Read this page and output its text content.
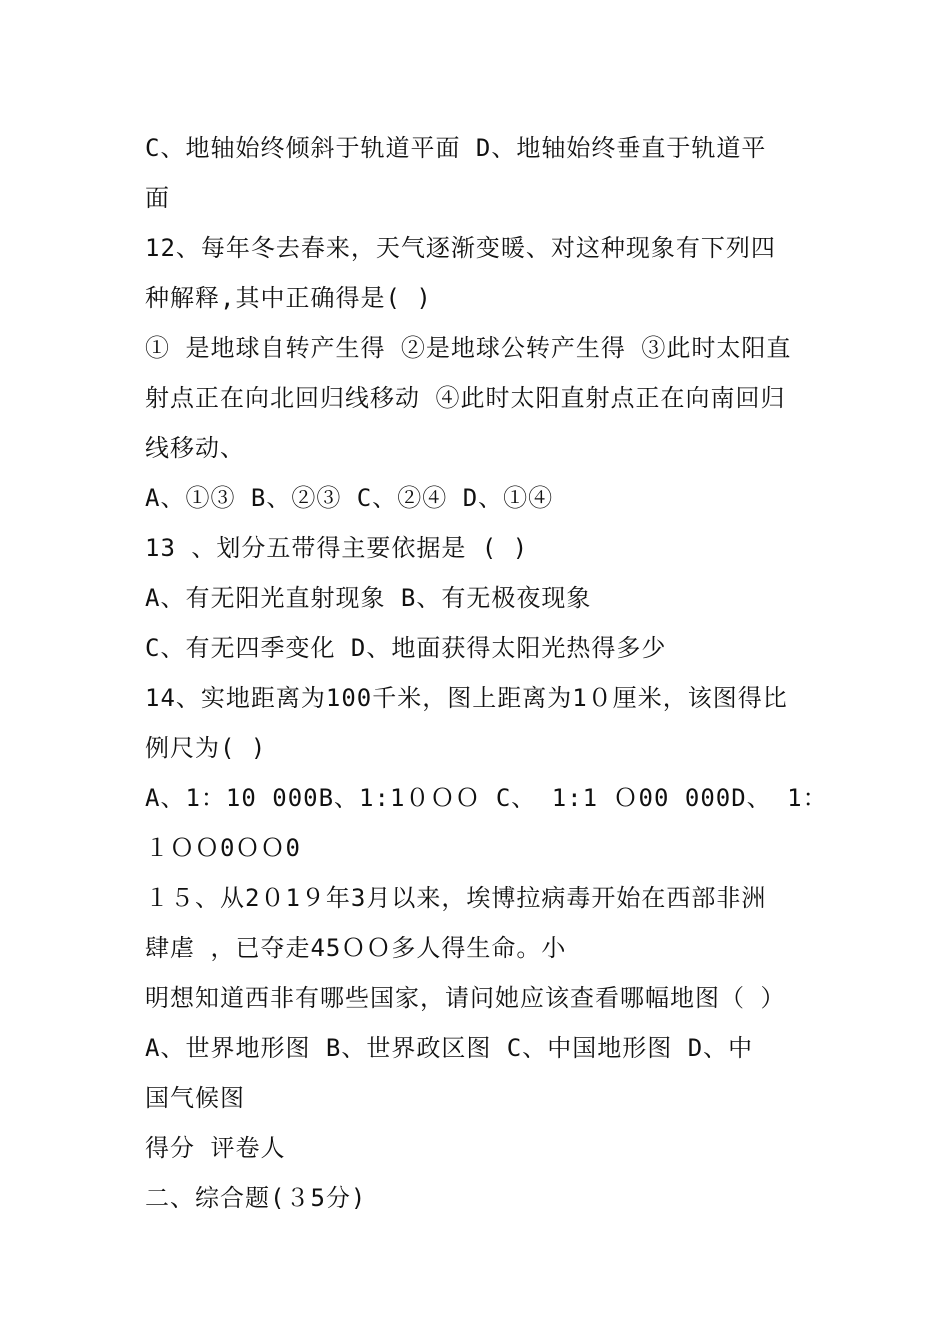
C、地轴始终倾斜于轨道平面 D、地轴始终垂直于轨道平
面
12、每年冬去春来，天气逐渐变暖、对这种现象有下列四
种解释,其中正确得是( )
① 是地球自转产生得 ②是地球公转产生得 ③此时太阳直
射点正在向北回归线移动 ④此时太阳直射点正在向南回归
线移动、
A、①③ B、②③ C、②④ D、①④
13 、划分五带得主要依据是 ( )
A、有无阳光直射现象 B、有无极夜现象
C、有无四季变化 D、地面获得太阳光热得多少
14、实地距离为100千米，图上距离为1０厘米，该图得比
例尺为( )
A、1：10 000B、1:1０ＯＯ C、 1:1 Ｏ00 000D、 1：
１ＯＯ0ＯＯ0
１５、从2０1９年3月以来，埃博拉病毒开始在西部非洲
肆虐 ，已夺走45ＯＯ多人得生命。小
明想知道西非有哪些国家，请问她应该查看哪幅地图（ ）
A、世界地形图 B、世界政区图 C、中国地形图 D、中
国气候图
得分 评卷人
二、综合题(３5分)
